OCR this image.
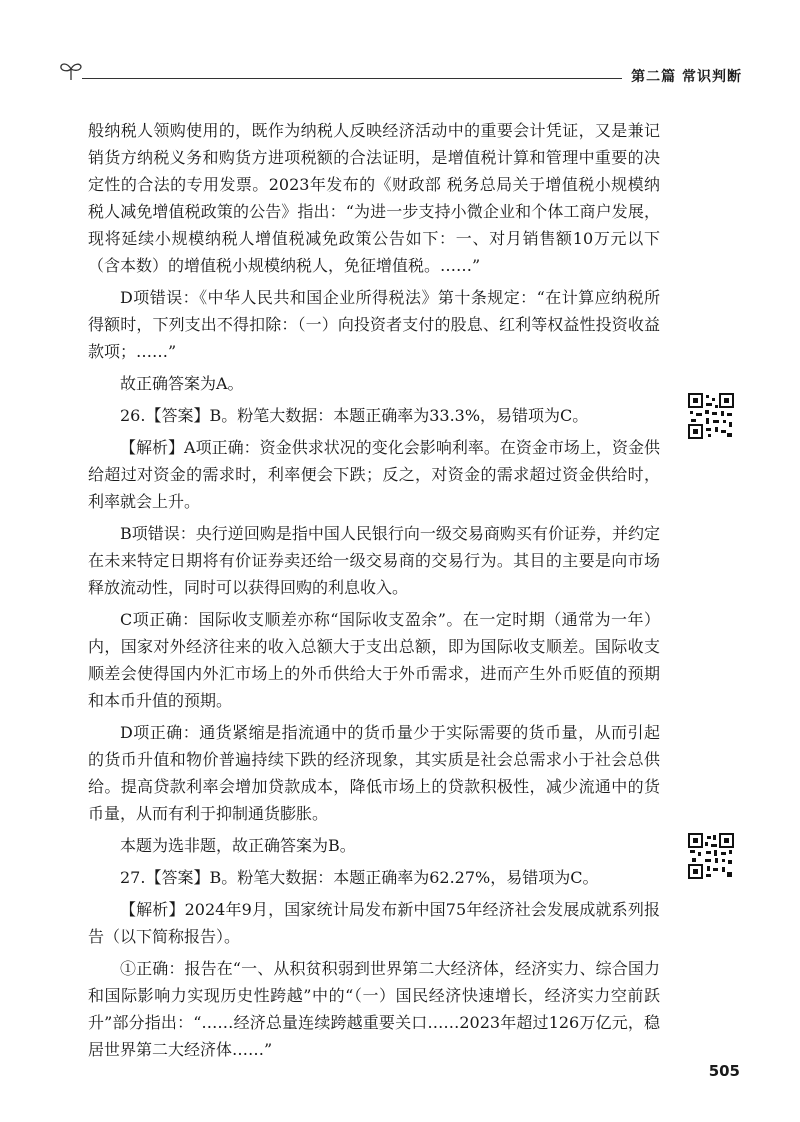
第二篇 常识判断

般纳税人领购使用的，既作为纳税人反映经济活动中的重要会计凭证，又是兼记销货方纳税义务和购货方进项税额的合法证明，是增值税计算和管理中重要的决定性的合法的专用发票。2023年发布的《财政部 税务总局关于增值税小规模纳税人减免增值税政策的公告》指出：“为进一步支持小微企业和个体工商户发展，现将延续小规模纳税人增值税减免政策公告如下：一、对月销售额10万元以下（含本数）的增值税小规模纳税人，免征增值税。……”

D项错误：《中华人民共和国企业所得税法》第十条规定：“在计算应纳税所得额时，下列支出不得扣除：（一）向投资者支付的股息、红利等权益性投资收益款项；……”

故正确答案为A。

26.【答案】B。粉笔大数据：本题正确率为33.3%，易错项为C。

【解析】A项正确：资金供求状况的变化会影响利率。在资金市场上，资金供给超过对资金的需求时，利率便会下跌；反之，对资金的需求超过资金供给时，利率就会上升。

B项错误：央行逆回购是指中国人民银行向一级交易商购买有价证券，并约定在未来特定日期将有价证券卖还给一级交易商的交易行为。其目的主要是向市场释放流动性，同时可以获得回购的利息收入。

C项正确：国际收支顺差亦称“国际收支盈余”。在一定时期（通常为一年）内，国家对外经济往来的收入总额大于支出总额，即为国际收支顺差。国际收支顺差会使得国内外汇市场上的外币供给大于外币需求，进而产生外币贬值的预期和本币升值的预期。

D项正确：通货紧缩是指流通中的货币量少于实际需要的货币量，从而引起的货币升值和物价普遍持续下跌的经济现象，其实质是社会总需求小于社会总供给。提高贷款利率会增加贷款成本，降低市场上的贷款积极性，减少流通中的货币量，从而有利于抑制通货膨胀。

本题为选非题，故正确答案为B。

27.【答案】B。粉笔大数据：本题正确率为62.27%，易错项为C。

【解析】2024年9月，国家统计局发布新中国75年经济社会发展成就系列报告（以下简称报告）。

①正确：报告在“一、从积贫积弱到世界第二大经济体，经济实力、综合国力和国际影响力实现历史性跨越”中的“（一）国民经济快速增长，经济实力空前跃升”部分指出：“……经济总量连续跨越重要关口……2023年超过126万亿元，稳居世界第二大经济体……”

505
